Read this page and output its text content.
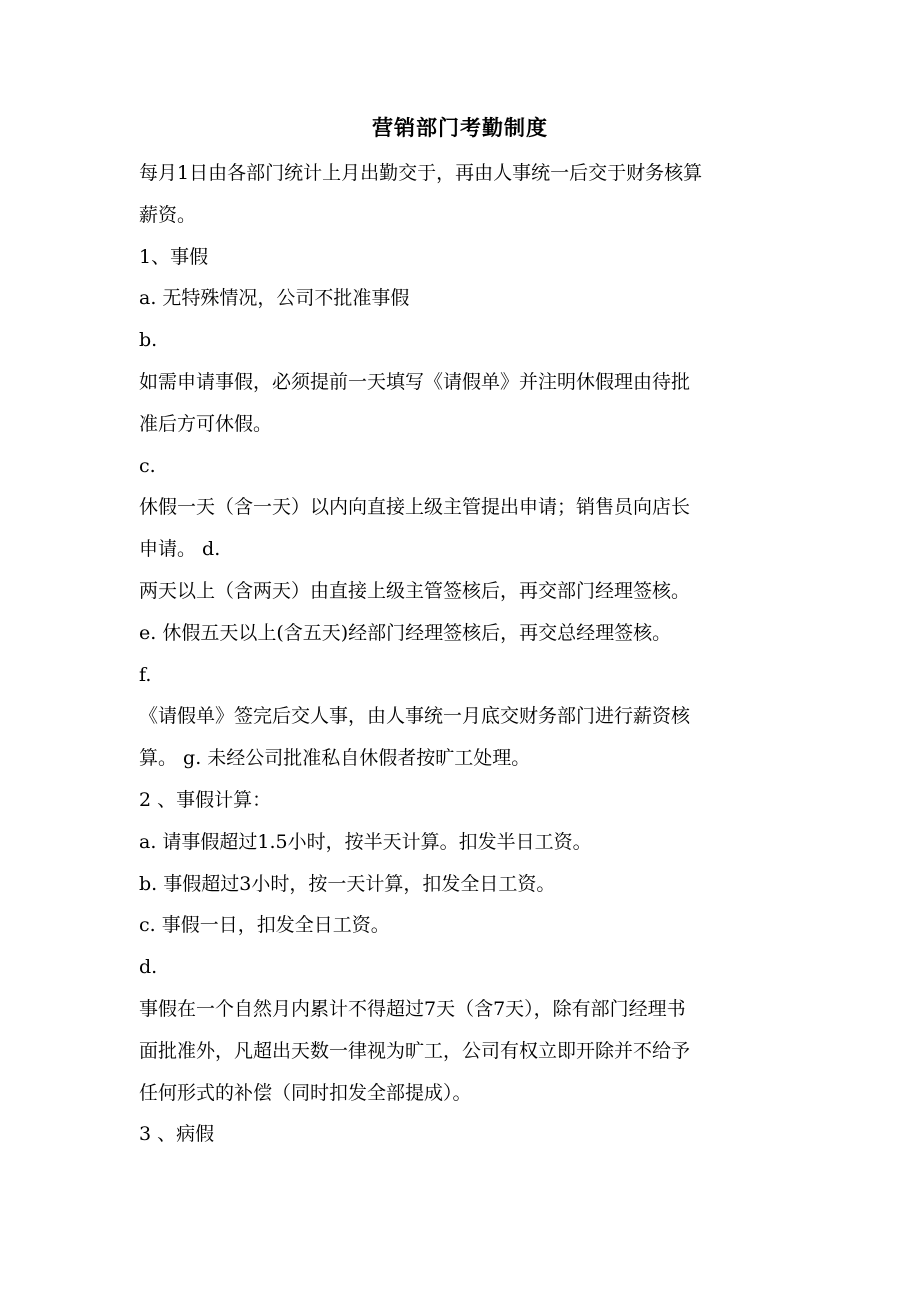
营销部门考勤制度
每月1日由各部门统计上月出勤交于，再由人事统一后交于财务核算
薪资。
1、事假
a. 无特殊情况，公司不批准事假
b.
如需申请事假，必须提前一天填写《请假单》并注明休假理由待批
准后方可休假。
c.
休假一天（含一天）以内向直接上级主管提出申请；销售员向店长
申请。 d.
两天以上（含两天）由直接上级主管签核后，再交部门经理签核。
e. 休假五天以上(含五天)经部门经理签核后，再交总经理签核。
f.
《请假单》签完后交人事，由人事统一月底交财务部门进行薪资核
算。 g. 未经公司批准私自休假者按旷工处理。
2 、事假计算：
a. 请事假超过1.5小时，按半天计算。扣发半日工资。
b. 事假超过3小时，按一天计算，扣发全日工资。
c. 事假一日，扣发全日工资。
d.
事假在一个自然月内累计不得超过7天（含7天），除有部门经理书
面批准外，凡超出天数一律视为旷工，公司有权立即开除并不给予
任何形式的补偿（同时扣发全部提成）。
3 、病假
